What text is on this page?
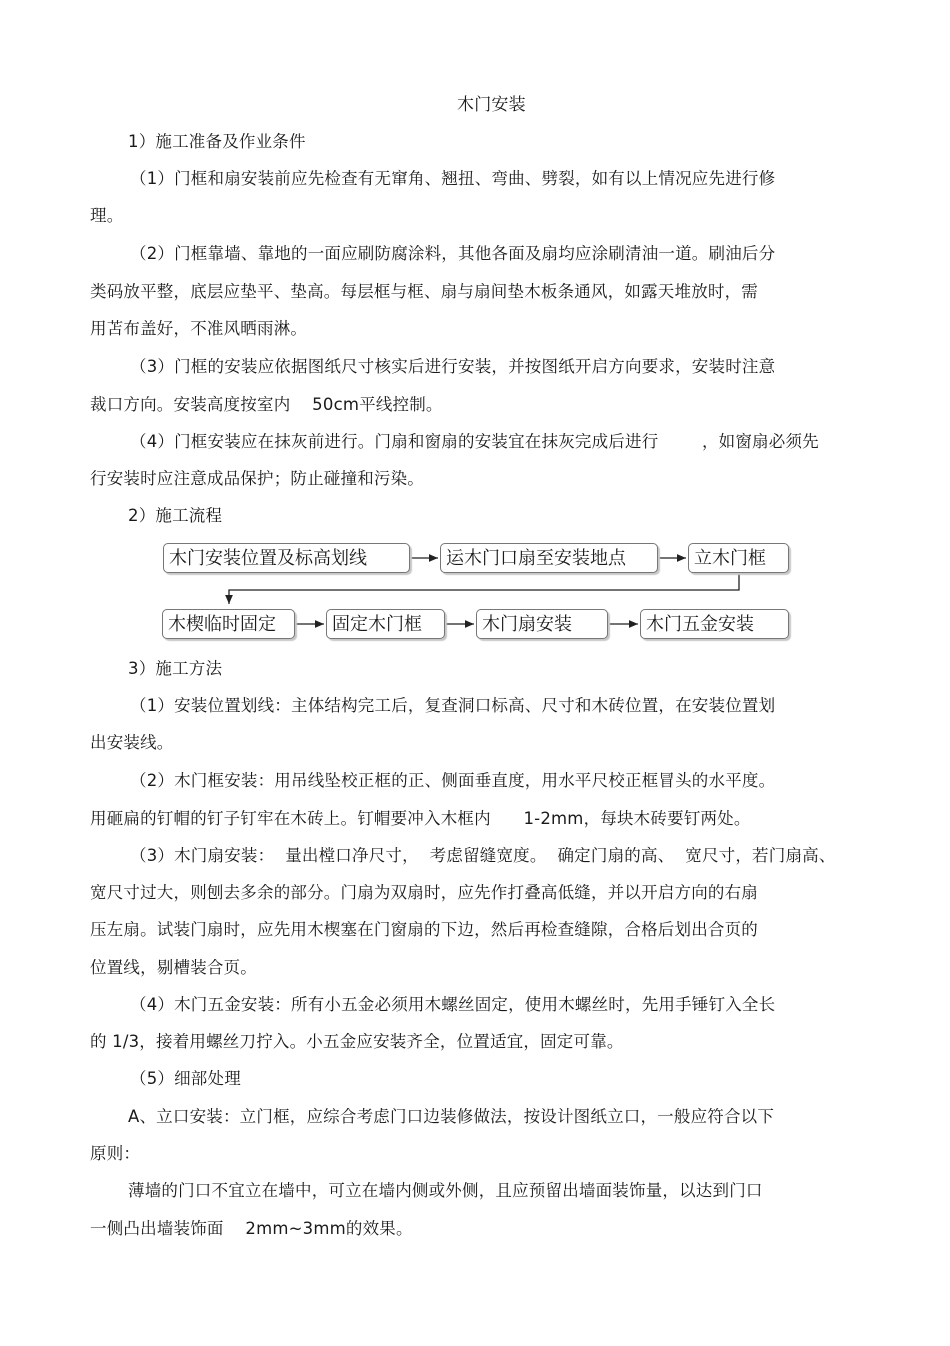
木门安装
1）施工准备及作业条件
（1）门框和扇安装前应先检查有无窜角、翘扭、弯曲、劈裂，如有以上情况应先进行修
理。
（2）门框靠墙、靠地的一面应刷防腐涂料，其他各面及扇均应涂刷清油一道。刷油后分
类码放平整，底层应垫平、垫高。每层框与框、扇与扇间垫木板条通风，如露天堆放时，需
用苫布盖好，不准风晒雨淋。
（3）门框的安装应依据图纸尺寸核实后进行安装，并按图纸开启方向要求，安装时注意
裁口方向。安装高度按室内    50cm平线控制。
（4）门框安装应在抹灰前进行。门扇和窗扇的安装宜在抹灰完成后进行        ，如窗扇必须先
行安装时应注意成品保护；防止碰撞和污染。
2）施工流程
木门安装位置及标高划线	运木门口扇至安装地点	立木门框
木楔临时固定	固定木门框	木门扇安装	木门五金安装
3）施工方法
（1）安装位置划线：主体结构完工后，复查洞口标高、尺寸和木砖位置，在安装位置划
出安装线。
（2）木门框安装：用吊线坠校正框的正、侧面垂直度，用水平尺校正框冒头的水平度。
用砸扁的钉帽的钉子钉牢在木砖上。钉帽要冲入木框内      1-2mm，每块木砖要钉两处。
（3）木门扇安装：  量出樘口净尺寸，  考虑留缝宽度。  确定门扇的高、  宽尺寸，若门扇高、
宽尺寸过大，则刨去多余的部分。门扇为双扇时，应先作打叠高低缝，并以开启方向的右扇
压左扇。试装门扇时，应先用木楔塞在门窗扇的下边，然后再检查缝隙，合格后划出合页的
位置线，剔槽装合页。
（4）木门五金安装：所有小五金必须用木螺丝固定，使用木螺丝时，先用手锤钉入全长
的 1/3，接着用螺丝刀拧入。小五金应安装齐全，位置适宜，固定可靠。
（5）细部处理
A、立口安装：立门框，应综合考虑门口边装修做法，按设计图纸立口，一般应符合以下
原则：
薄墙的门口不宜立在墙中，可立在墙内侧或外侧，且应预留出墙面装饰量，以达到门口
一侧凸出墙装饰面    2mm~3mm的效果。
